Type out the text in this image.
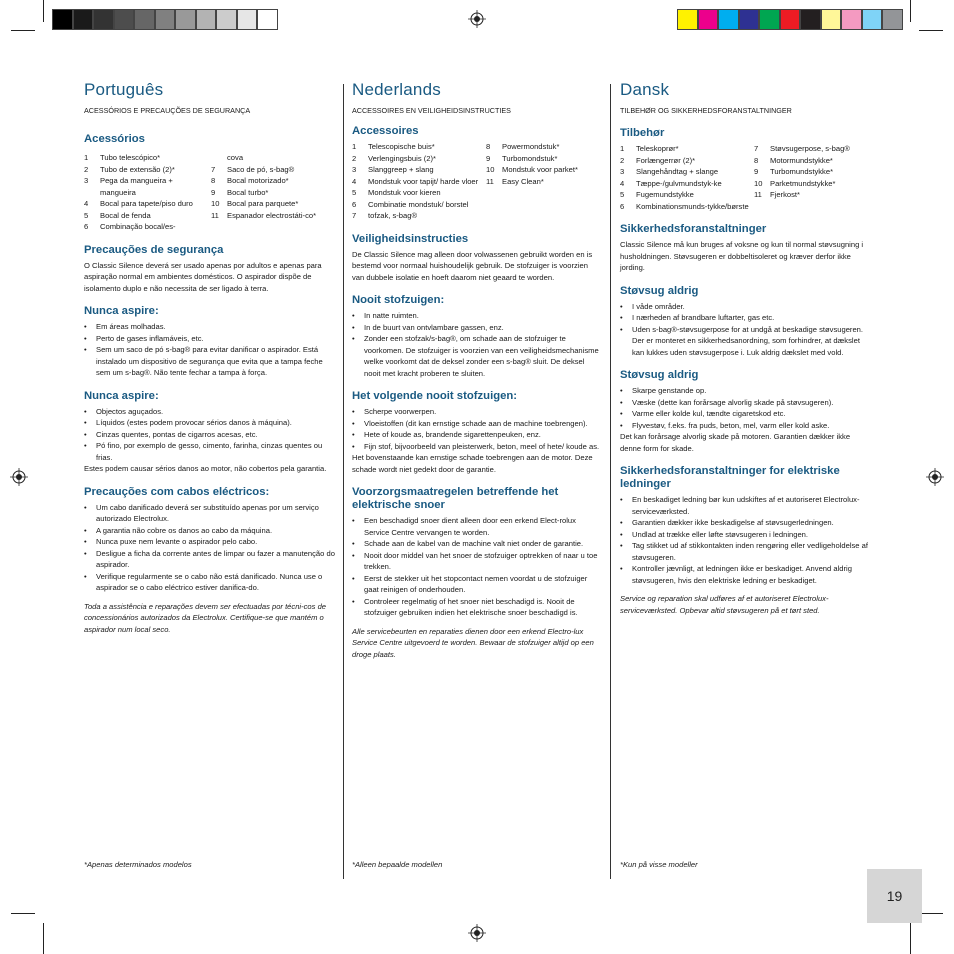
Português
ACESSÓRIOS E PRECAUÇÕES DE SEGURANÇA
Acessórios
1	Tubo telescópico*
2	Tubo de extensão (2)*
3	Pega da mangueira + mangueira
4	Bocal para tapete/piso duro
5	Bocal de fenda
6	Combinação bocal/es-
cova
7	Saco de pó, s-bag®
8	Bocal motorizado*
9	Bocal turbo*
10 Bocal para parquete*
11	Espanador electrostáti-co*
Precauções de segurança

O Classic Silence deverá ser usado apenas por adultos e apenas para aspiração normal em ambientes domésticos. O aspirador dispõe de isolamento duplo e não necessita de ser ligado à terra.

Nunca aspire:
• Em áreas molhadas.
• Perto de gases inflamáveis, etc.
• Sem um saco de pó s-bag® para evitar danificar o aspirador. Está instalado um dispositivo de segurança que evita que a tampa feche sem um s-bag®. Não tente fechar a tampa à força.
Nunca aspire:
• Objectos aguçados.
• Líquidos (estes podem provocar sérios danos à máquina).
• Cinzas quentes, pontas de cigarros acesas, etc.
• Pó fino, por exemplo de gesso, cimento, farinha, cinzas quentes ou frias.

Estes podem causar sérios danos ao motor, não cobertos pela garantia.

Precauções com cabos eléctricos:
• Um cabo danificado deverá ser substituído apenas por um serviço autorizado Electrolux.
• A garantia não cobre os danos ao cabo da máquina.
• Nunca puxe nem levante o aspirador pelo cabo.
• Desligue a ficha da corrente antes de limpar ou fazer a manutenção do aspirador.
• Verifique regularmente se o cabo não está danificado. Nunca use o aspirador se o cabo eléctrico estiver danifica-do.

Toda a assistência e reparações devem ser efectuadas por técni-cos de concessionários autorizados da Electrolux. Certifique-se que mantém o aspirador num local seco.

*Apenas determinados modelos
Nederlands
ACCESSOIRES EN VEILIGHEIDSINSTRUCTIES
Accessoires
1	Telescopische buis*
2	Verlengingsbuis (2)*
3	Slanggreep + slang
4	Mondstuk voor tapijt/ harde vloer
5	Mondstuk voor kieren
6	Combinatie mondstuk/ borstel
7	tofzak, s-bag®
8	Powermondstuk*
9	Turbomondstuk*
10 Mondstuk voor parket*
11	Easy Clean*
Veiligheidsinstructies

De Classic Silence mag alleen door volwassenen gebruikt worden en is bestemd voor normaal huishoudelijk gebruik. De stofzuiger is voorzien van dubbele isolatie en hoeft daarom niet geaard te worden.

Nooit stofzuigen:
• In natte ruimten.
• In de buurt van ontvlambare gassen, enz.
• Zonder een stofzak/s-bag®, om schade aan de stofzuiger te voorkomen. De stofzuiger is voorzien van een veiligheidsmechanisme welke voorkomt dat de deksel zonder een s-bag® sluit. De deksel nooit met kracht proberen te sluiten.
Het volgende nooit stofzuigen:
• Scherpe voorwerpen.
• Vloeistoffen (dit kan ernstige schade aan de machine toebrengen).
• Hete of koude as, brandende sigarettenpeuken, enz.
• Fijn stof, bijvoorbeeld van pleisterwerk, beton, meel of hete/ koude as.

Het bovenstaande kan ernstige schade toebrengen aan de motor. Deze schade wordt niet gedekt door de garantie.

Voorzorgsmaatregelen betreffende het elektrische snoer
• Een beschadigd snoer dient alleen door een erkend Elect-rolux Service Centre vervangen te worden.
• Schade aan de kabel van de machine valt niet onder de garantie.
• Nooit door middel van het snoer de stofzuiger optrekken of naar u toe trekken.
• Eerst de stekker uit het stopcontact nemen voordat u de stofzuiger gaat reinigen of onderhouden.
• Controleer regelmatig of het snoer niet beschadigd is. Nooit de stofzuiger gebruiken indien het elektrische snoer beschadigd is.

Alle servicebeurten en reparaties dienen door een erkend Electro-lux Service Centre uitgevoerd te worden. Bewaar de stofzuiger altijd op een droge plaats.

*Alleen bepaalde modellen
Dansk
TILBEHØR OG SIKKERHEDSFORANSTALTNINGER
Tilbehør
1	Teleskoprør*
2	Forlængerrør (2)*
3	Slangehåndtag + slange
4	Tæppe-/gulvmundstyk-ke
5	Fugemundstykke
6	Kombinationsmunds-tykke/børste
7	Støvsugerpose, s-bag®
8	Motormundstykke*
9	Turbomundstykke*
10 Parketmundstykke*
11	Fjerkost*
Sikkerhedsforanstaltninger

Classic Silence må kun bruges af voksne og kun til normal støvsugning i husholdningen. Støvsugeren er dobbeltisoleret og kræver derfor ikke jording.

Støvsug aldrig
• I våde områder.
• I nærheden af brandbare luftarter, gas etc.
• Uden s-bag®-støvsugerpose for at undgå at beskadige støvsugeren. Der er monteret en sikkerhedsanordning, som forhindrer, at dækslet kan lukkes uden støvsugerpose i. Luk aldrig dækslet med vold.
Støvsug aldrig
• Skarpe genstande op.
• Væske (dette kan forårsage alvorlig skade på støvsugeren).
• Varme eller kolde kul, tændte cigaretskod etc.
• Flyvestøv, f.eks. fra puds, beton, mel, varm eller kold aske.

Det kan forårsage alvorlig skade på motoren. Garantien dækker ikke denne form for skade.

Sikkerhedsforanstaltninger for elektriske ledninger
• En beskadiget ledning bør kun udskiftes af et autoriseret Electrolux-serviceværksted.
• Garantien dækker ikke beskadigelse af støvsugerledningen.
• Undlad at trække eller løfte støvsugeren i ledningen.
• Tag stikket ud af stikkontakten inden rengøring eller vedligeholdelse af støvsugeren.
• Kontroller jævnligt, at ledningen ikke er beskadiget. Anvend aldrig støvsugeren, hvis den elektriske ledning er beskadiget.

Service og reparation skal udføres af et autoriseret Electrolux-serviceværksted. Opbevar altid støvsugeren på et tørt sted.

*Kun på visse modeller
19
